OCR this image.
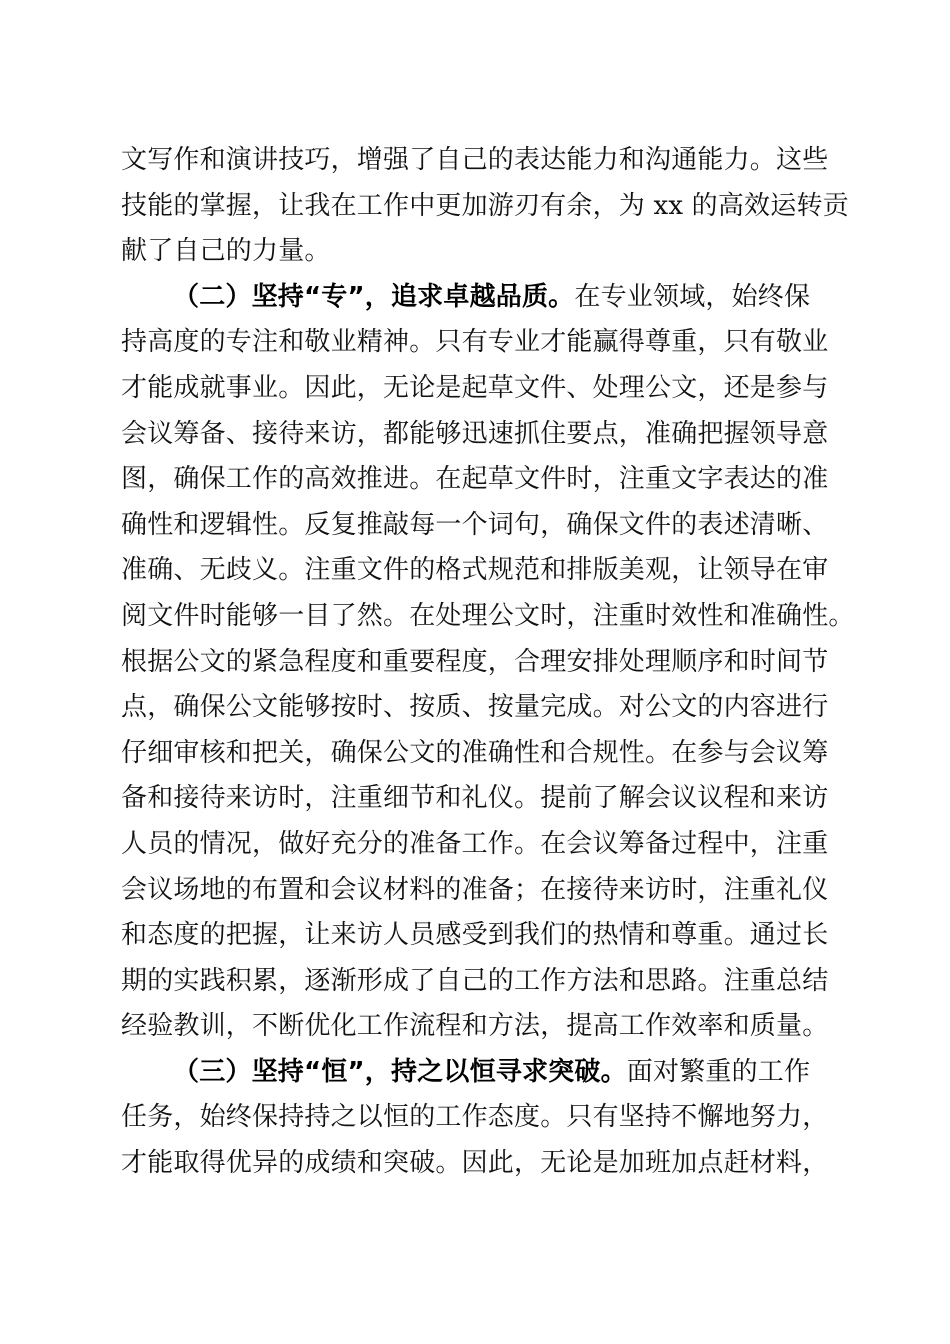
文写作和演讲技巧，增强了自己的表达能力和沟通能力。这些
技能的掌握，让我在工作中更加游刃有余，为 xx 的高效运转贡
献了自己的力量。
（二）坚持“专”，追求卓越品质。在专业领域，始终保
持高度的专注和敬业精神。只有专业才能赢得尊重，只有敬业
才能成就事业。因此，无论是起草文件、处理公文，还是参与
会议筹备、接待来访，都能够迅速抓住要点，准确把握领导意
图，确保工作的高效推进。在起草文件时，注重文字表达的准
确性和逻辑性。反复推敲每一个词句，确保文件的表述清晰、
准确、无歧义。注重文件的格式规范和排版美观，让领导在审
阅文件时能够一目了然。在处理公文时，注重时效性和准确性。
根据公文的紧急程度和重要程度，合理安排处理顺序和时间节
点，确保公文能够按时、按质、按量完成。对公文的内容进行
仔细审核和把关，确保公文的准确性和合规性。在参与会议筹
备和接待来访时，注重细节和礼仪。提前了解会议议程和来访
人员的情况，做好充分的准备工作。在会议筹备过程中，注重
会议场地的布置和会议材料的准备；在接待来访时，注重礼仪
和态度的把握，让来访人员感受到我们的热情和尊重。通过长
期的实践积累，逐渐形成了自己的工作方法和思路。注重总结
经验教训，不断优化工作流程和方法，提高工作效率和质量。
（三）坚持“恒”，持之以恒寻求突破。面对繁重的工作
任务，始终保持持之以恒的工作态度。只有坚持不懈地努力，
才能取得优异的成绩和突破。因此，无论是加班加点赶材料，
